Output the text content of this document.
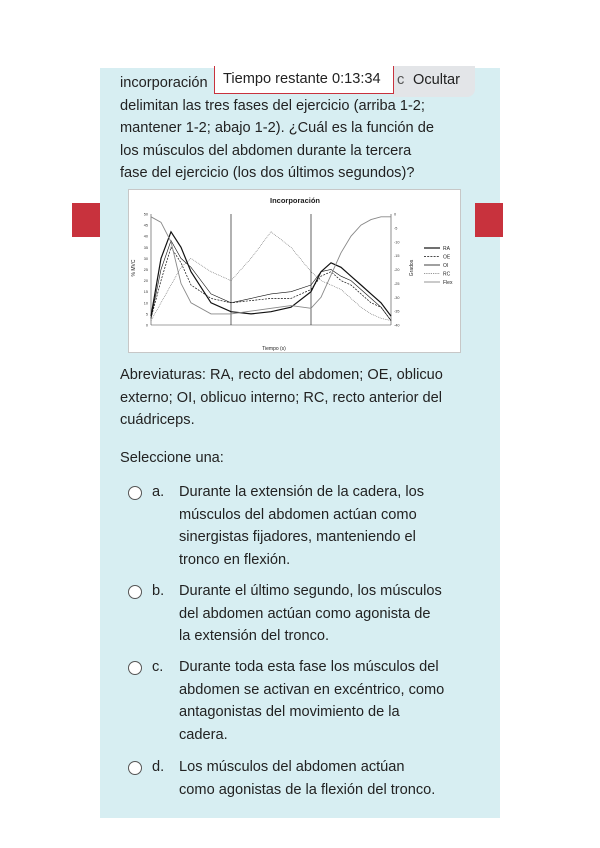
incorporación
delimitan las tres fases del ejercicio (arriba 1-2;
mantener 1-2; abajo 1-2). ¿Cuál es la función de
los músculos del abdomen durante la tercera
fase del ejercicio (los dos últimos segundos)?
c Ocultar
Tiempo restante 0:13:34
Incorporación
% MVC	Grados
Tiempo (s)
0
5
10
15
20
25
30
35
40
45
50	0
-5
-10
-15
-20
-25
-30
-35
-40
RA
OE
OI
RC
Flex
Abreviaturas: RA, recto del abdomen; OE, oblicuo
externo; OI, oblicuo interno; RC, recto anterior del
cuádriceps.
Seleccione una:
a. Durante la extensión de la cadera, los
músculos del abdomen actúan como
sinergistas fijadores, manteniendo el
tronco en flexión.
b. Durante el último segundo, los músculos
del abdomen actúan como agonista de
la extensión del tronco.
c. Durante toda esta fase los músculos del
abdomen se activan en excéntrico, como
antagonistas del movimiento de la
cadera.
d. Los músculos del abdomen actúan
como agonistas de la flexión del tronco.
